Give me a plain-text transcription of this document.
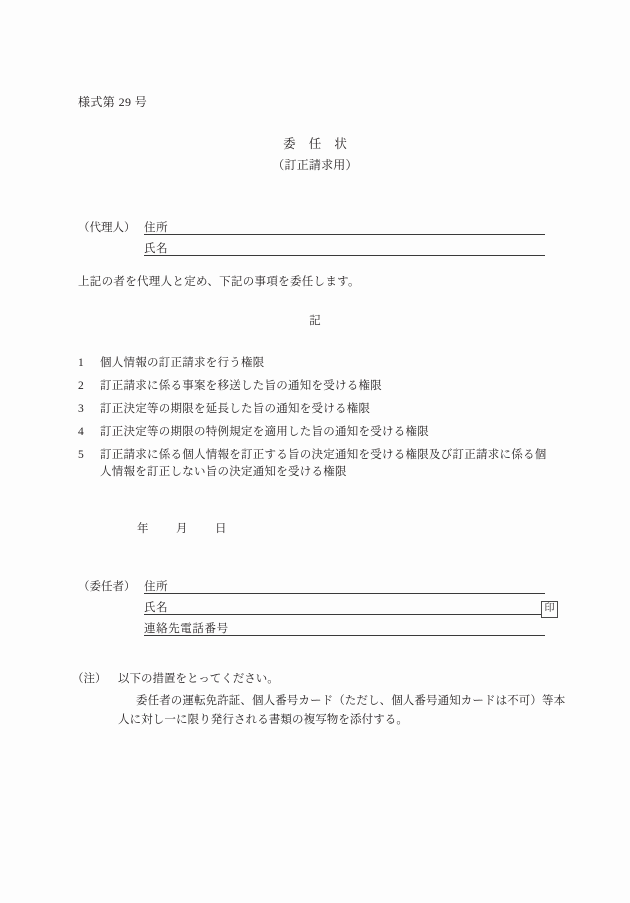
様式第 29 号
委 任 状
（訂正請求用）
（代理人） 住所
氏名
上記の者を代理人と定め、下記の事項を委任します。
記
1 個人情報の訂正請求を行う権限
2 訂正請求に係る事案を移送した旨の通知を受ける権限
3 訂正決定等の期限を延長した旨の通知を受ける権限
4 訂正決定等の期限の特例規定を適用した旨の通知を受ける権限
5 訂正請求に係る個人情報を訂正する旨の決定通知を受ける権限及び訂正請求に係る個人情報を訂正しない旨の決定通知を受ける権限
年　月　日
（委任者） 住所
氏名	印
連絡先電話番号
（注） 以下の措置をとってください。
委任者の運転免許証、個人番号カード（ただし、個人番号通知カードは不可）等本
人に対し一に限り発行される書類の複写物を添付する。
